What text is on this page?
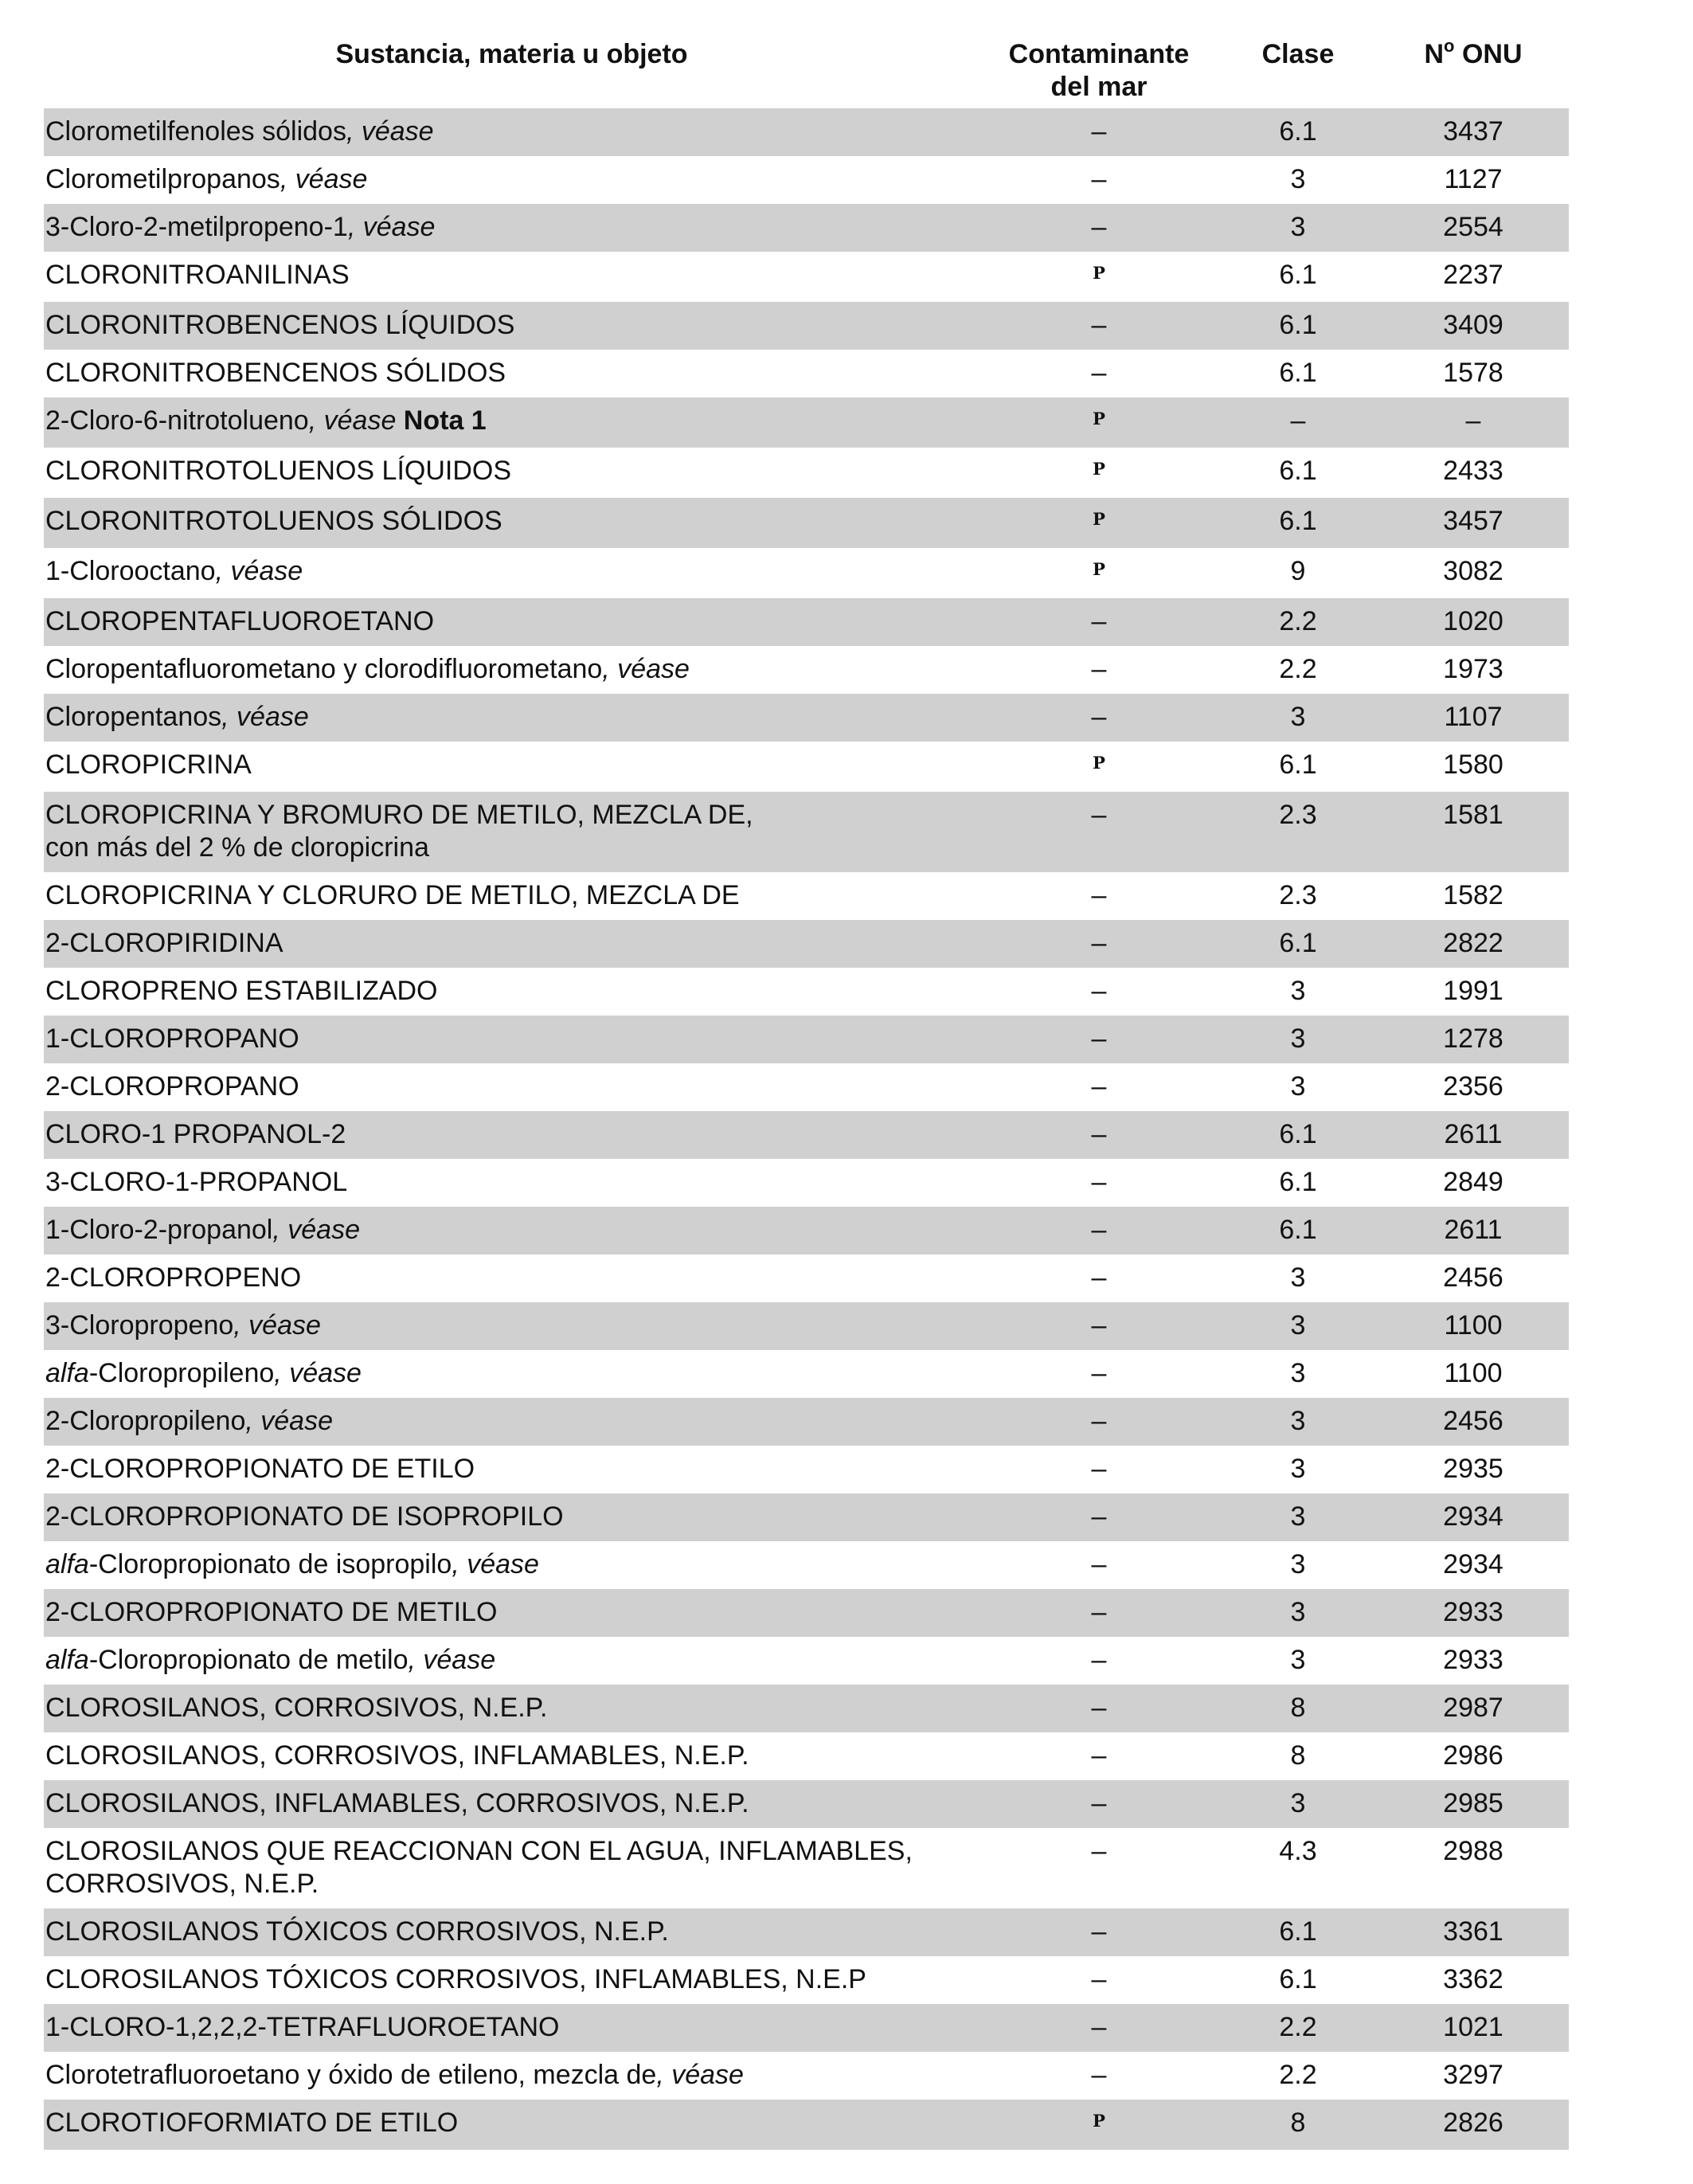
Sustancia, materia u objeto	Contaminante
del mar	Clase	$N^o$ ONU
Clorometilfenoles sólidos, véase	–	6.1	3437
Clorometilpropanos, véase	–	3	1127
3-Cloro-2-metilpropeno-1, véase	–	3	2554
CLORONITROANILINAS	P	6.1	2237
CLORONITROBENCENOS LÍQUIDOS	–	6.1	3409
CLORONITROBENCENOS SÓLIDOS	–	6.1	1578
2-Cloro-6-nitrotolueno, véase Nota 1	P	–	–
CLORONITROTOLUENOS LÍQUIDOS	P	6.1	2433
CLORONITROTOLUENOS SÓLIDOS	P	6.1	3457
1-Clorooctano, véase	P	9	3082
CLOROPENTAFLUOROETANO	–	2.2	1020
Cloropentafluorometano y clorodifluorometano, véase	–	2.2	1973
Cloropentanos, véase	–	3	1107
CLOROPICRINA	P	6.1	1580
CLOROPICRINA Y BROMURO DE METILO, MEZCLA DE,
con más del 2 % de cloropicrina	–	2.3	1581
CLOROPICRINA Y CLORURO DE METILO, MEZCLA DE	–	2.3	1582
2-CLOROPIRIDINA	–	6.1	2822
CLOROPRENO ESTABILIZADO	–	3	1991
1-CLOROPROPANO	–	3	1278
2-CLOROPROPANO	–	3	2356
CLORO-1 PROPANOL-2	–	6.1	2611
3-CLORO-1-PROPANOL	–	6.1	2849
1-Cloro-2-propanol, véase	–	6.1	2611
2-CLOROPROPENO	–	3	2456
3-Cloropropeno, véase	–	3	1100
alfa-Cloropropileno, véase	–	3	1100
2-Cloropropileno, véase	–	3	2456
2-CLOROPROPIONATO DE ETILO	–	3	2935
2-CLOROPROPIONATO DE ISOPROPILO	–	3	2934
alfa-Cloropropionato de isopropilo, véase	–	3	2934
2-CLOROPROPIONATO DE METILO	–	3	2933
alfa-Cloropropionato de metilo, véase	–	3	2933
CLOROSILANOS, CORROSIVOS, N.E.P.	–	8	2987
CLOROSILANOS, CORROSIVOS, INFLAMABLES, N.E.P.	–	8	2986
CLOROSILANOS, INFLAMABLES, CORROSIVOS, N.E.P.	–	3	2985
CLOROSILANOS QUE REACCIONAN CON EL AGUA, INFLAMABLES,
CORROSIVOS, N.E.P.	–	4.3	2988
CLOROSILANOS TÓXICOS CORROSIVOS, N.E.P.	–	6.1	3361
CLOROSILANOS TÓXICOS CORROSIVOS, INFLAMABLES, N.E.P	–	6.1	3362
1-CLORO-1,2,2,2-TETRAFLUOROETANO	–	2.2	1021
Clorotetrafluoroetano y óxido de etileno, mezcla de, véase	–	2.2	3297
CLOROTIOFORMIATO DE ETILO	P	8	2826
